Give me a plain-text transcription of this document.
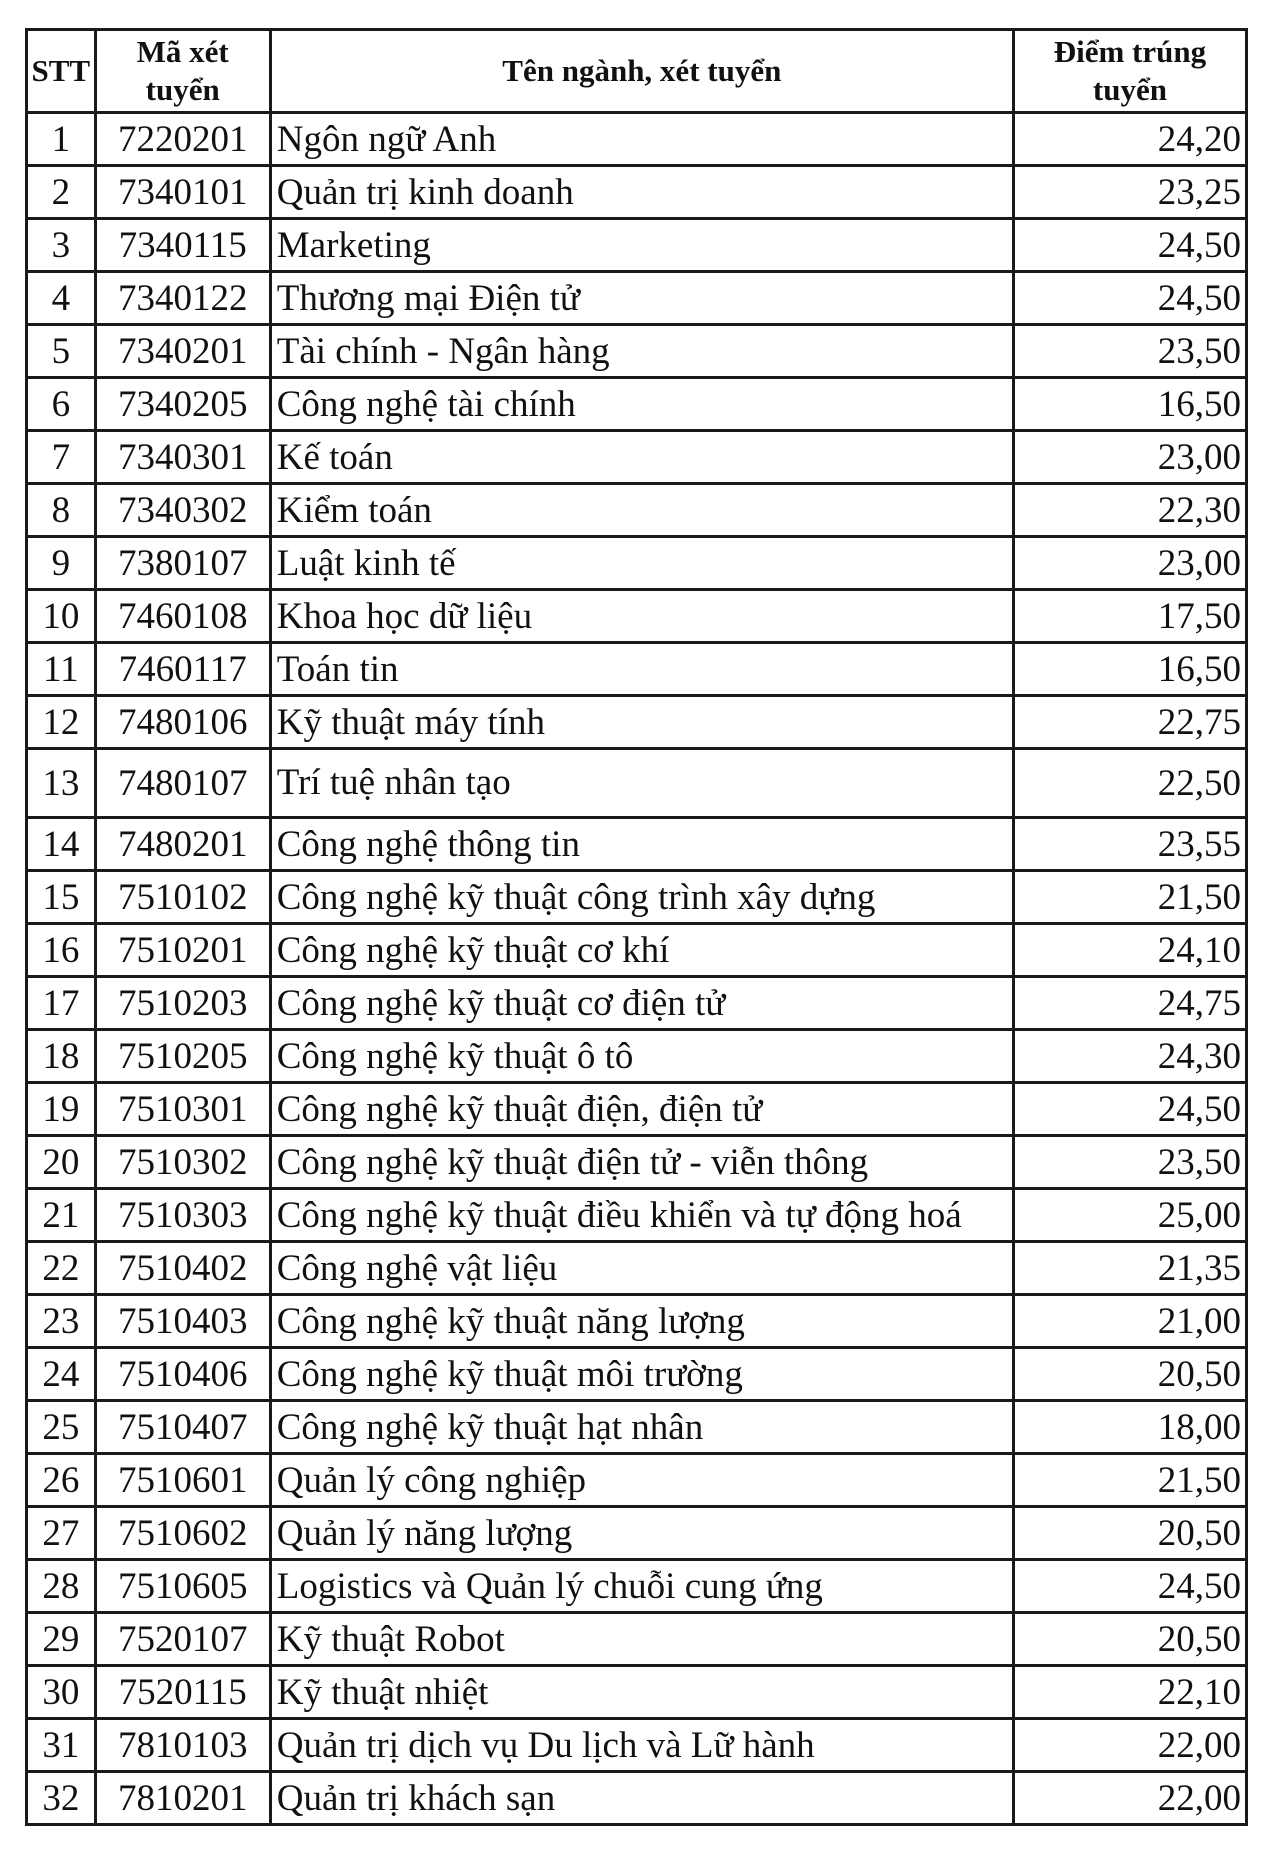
STT	Mã xét tuyển	Tên ngành, xét tuyển	Điểm trúng tuyển
1	7220201	Ngôn ngữ Anh	24,20
2	7340101	Quản trị kinh doanh	23,25
3	7340115	Marketing	24,50
4	7340122	Thương mại Điện tử	24,50
5	7340201	Tài chính - Ngân hàng	23,50
6	7340205	Công nghệ tài chính	16,50
7	7340301	Kế toán	23,00
8	7340302	Kiểm toán	22,30
9	7380107	Luật kinh tế	23,00
10	7460108	Khoa học dữ liệu	17,50
11	7460117	Toán tin	16,50
12	7480106	Kỹ thuật máy tính	22,75
13	7480107	Trí tuệ nhân tạo	22,50
14	7480201	Công nghệ thông tin	23,55
15	7510102	Công nghệ kỹ thuật công trình xây dựng	21,50
16	7510201	Công nghệ kỹ thuật cơ khí	24,10
17	7510203	Công nghệ kỹ thuật cơ điện tử	24,75
18	7510205	Công nghệ kỹ thuật ô tô	24,30
19	7510301	Công nghệ kỹ thuật điện, điện tử	24,50
20	7510302	Công nghệ kỹ thuật điện tử - viễn thông	23,50
21	7510303	Công nghệ kỹ thuật điều khiển và tự động hoá	25,00
22	7510402	Công nghệ vật liệu	21,35
23	7510403	Công nghệ kỹ thuật năng lượng	21,00
24	7510406	Công nghệ kỹ thuật môi trường	20,50
25	7510407	Công nghệ kỹ thuật hạt nhân	18,00
26	7510601	Quản lý công nghiệp	21,50
27	7510602	Quản lý năng lượng	20,50
28	7510605	Logistics và Quản lý chuỗi cung ứng	24,50
29	7520107	Kỹ thuật Robot	20,50
30	7520115	Kỹ thuật nhiệt	22,10
31	7810103	Quản trị dịch vụ Du lịch và Lữ hành	22,00
32	7810201	Quản trị khách sạn	22,00
